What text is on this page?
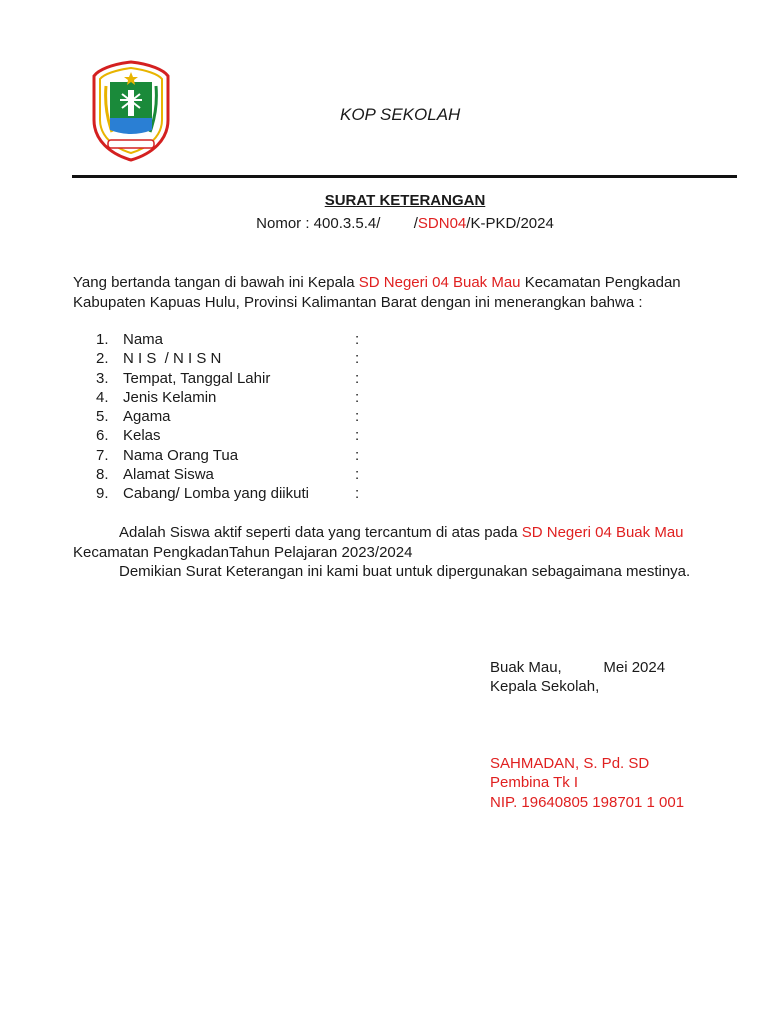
KOP SEKOLAH
SURAT KETERANGAN
Nomor : 400.3.5.4/        /SDN04/K-PKD/2024
Yang bertanda tangan di bawah ini Kepala SD Negeri 04 Buak Mau Kecamatan Pengkadan Kabupaten Kapuas Hulu, Provinsi Kalimantan Barat dengan ini menerangkan bahwa :
1. Nama	:
2. N I S  / N I S N	:
3. Tempat, Tanggal Lahir	:
4. Jenis Kelamin	:
5. Agama	:
6. Kelas	:
7. Nama Orang Tua	:
8. Alamat Siswa	:
9. Cabang/ Lomba yang diikuti	:
Adalah Siswa aktif seperti data yang tercantum di atas pada SD Negeri 04 Buak Mau
Kecamatan PengkadanTahun Pelajaran 2023/2024
Demikian Surat Keterangan ini kami buat untuk dipergunakan sebagaimana mestinya.
Buak Mau,          Mei 2024
Kepala Sekolah,
SAHMADAN, S. Pd. SD
Pembina Tk I
NIP. 19640805 198701 1 001
